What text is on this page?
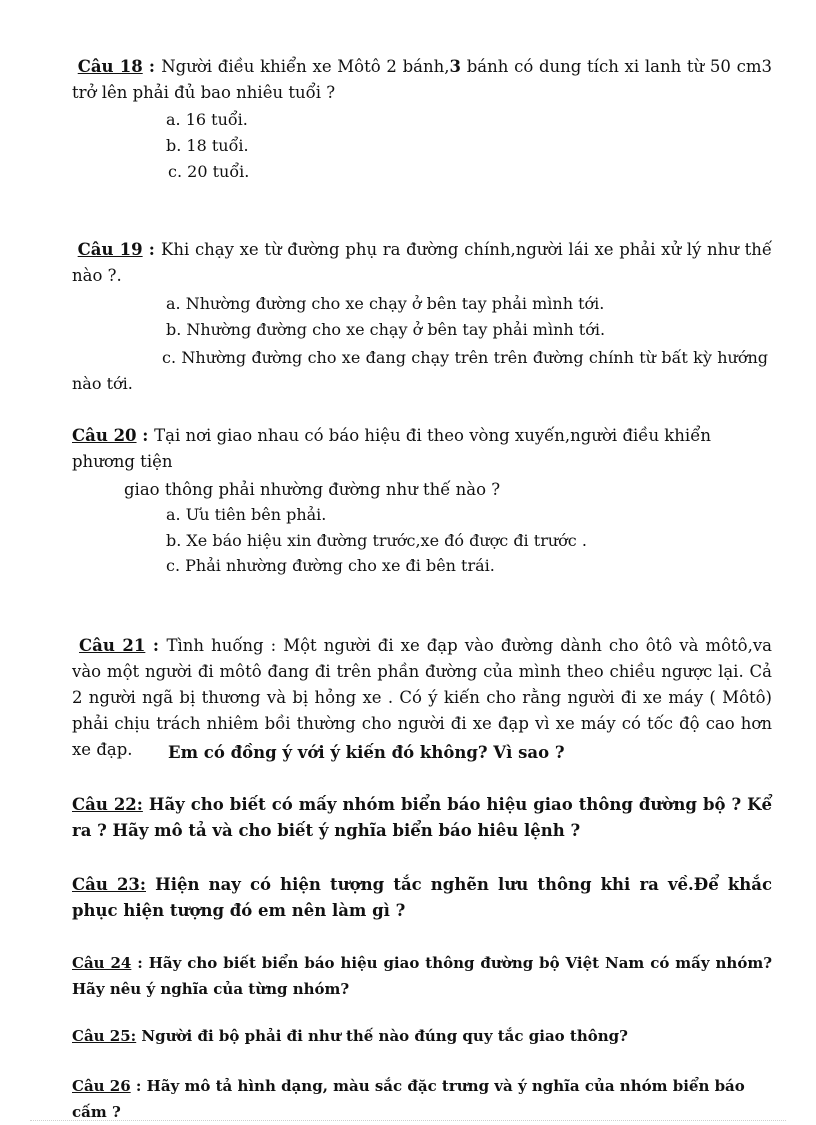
Câu 18 : Người điều khiển xe Môtô 2 bánh,3 bánh có dung tích xi lanh từ 50 cm3 trở lên phải đủ bao nhiêu tuổi ?
a. 16 tuổi.
b. 18 tuổi.
c. 20 tuổi.
Câu 19 : Khi chạy xe từ đường phụ ra đường chính,người lái xe phải xử lý như thế nào ?.
a. Nhường đường cho xe chạy ở bên tay phải mình tới.
b. Nhường đường cho xe chạy ở bên tay phải mình tới.
c. Nhường đường cho xe đang chạy trên trên đường chính từ bất kỳ hướng nào tới.
Câu 20 : Tại nơi giao nhau có báo hiệu đi theo vòng xuyến,người điều khiển phương tiện
giao thông phải nhường đường như thế nào ?
a. Ưu tiên bên phải.
b. Xe báo hiệu xin đường trước,xe đó được đi trước .
c. Phải nhường đường cho xe đi bên trái.
Câu 21 : Tình huống : Một người đi xe đạp vào đường dành cho ôtô và môtô,va vào một người đi môtô đang đi trên phần đường của mình theo chiều ngược lại. Cả 2 người ngã bị thương và bị hỏng xe . Có ý kiến cho rằng người đi xe máy ( Môtô) phải chịu trách nhiêm bồi thường cho người đi xe đạp vì xe máy có tốc độ cao hơn xe đạp.	Em có đồng ý với ý kiến đó không? Vì sao ?
Câu 22: Hãy cho biết có mấy nhóm biển báo hiệu giao thông đường bộ ? Kể ra ? Hãy mô tả và cho biết ý nghĩa biển báo hiêu lệnh ?
Câu 23: Hiện nay có hiện tượng tắc nghẽn lưu thông khi ra về.Để khắc phục hiện tượng đó em nên làm gì ?
Câu 24 : Hãy cho biết biển báo hiệu giao thông đường bộ Việt Nam có mấy nhóm? Hãy nêu ý nghĩa của từng nhóm?
Câu 25: Người đi bộ phải đi như thế nào đúng quy tắc giao thông?
Câu 26 : Hãy mô tả hình dạng, màu sắc đặc trưng và ý nghĩa của nhóm biển báo cấm ?
